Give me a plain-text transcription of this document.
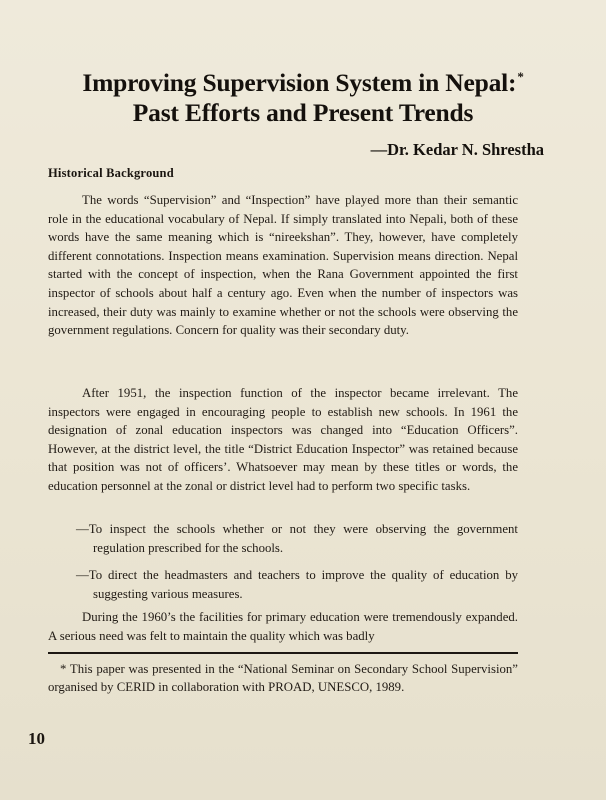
Improving Supervision System in Nepal:*
Past Efforts and Present Trends
—Dr. Kedar N. Shrestha
Historical Background

The words “Supervision” and “Inspection” have played more than their semantic role in the educational vocabulary of Nepal. If simply translated into Nepali, both of these words have the same meaning which is “nireekshan”. They, however, have completely different connotations. Inspection means examination. Supervision means direction. Nepal started with the concept of inspection, when the Rana Government appointed the first inspector of schools about half a century ago. Even when the number of inspectors was increased, their duty was mainly to examine whether or not the schools were observing the government regulations. Concern for quality was their secondary duty.

After 1951, the inspection function of the inspector became irrelevant. The inspectors were engaged in encouraging people to establish new schools. In 1961 the designation of zonal education inspectors was changed into “Education Officers”. However, at the district level, the title “District Education Inspector” was retained because that position was not of officers’. Whatsoever may mean by these titles or words, the education personnel at the zonal or district level had to perform two specific tasks.

—To inspect the schools whether or not they were observing the government regulation prescribed for the schools.

—To direct the headmasters and teachers to improve the quality of education by suggesting various measures.

During the 1960’s the facilities for primary education were tremendously expanded. A serious need was felt to maintain the quality which was badly

* This paper was presented in the “National Seminar on Secondary School Supervision” organised by CERID in collaboration with PROAD, UNESCO, 1989.

10
